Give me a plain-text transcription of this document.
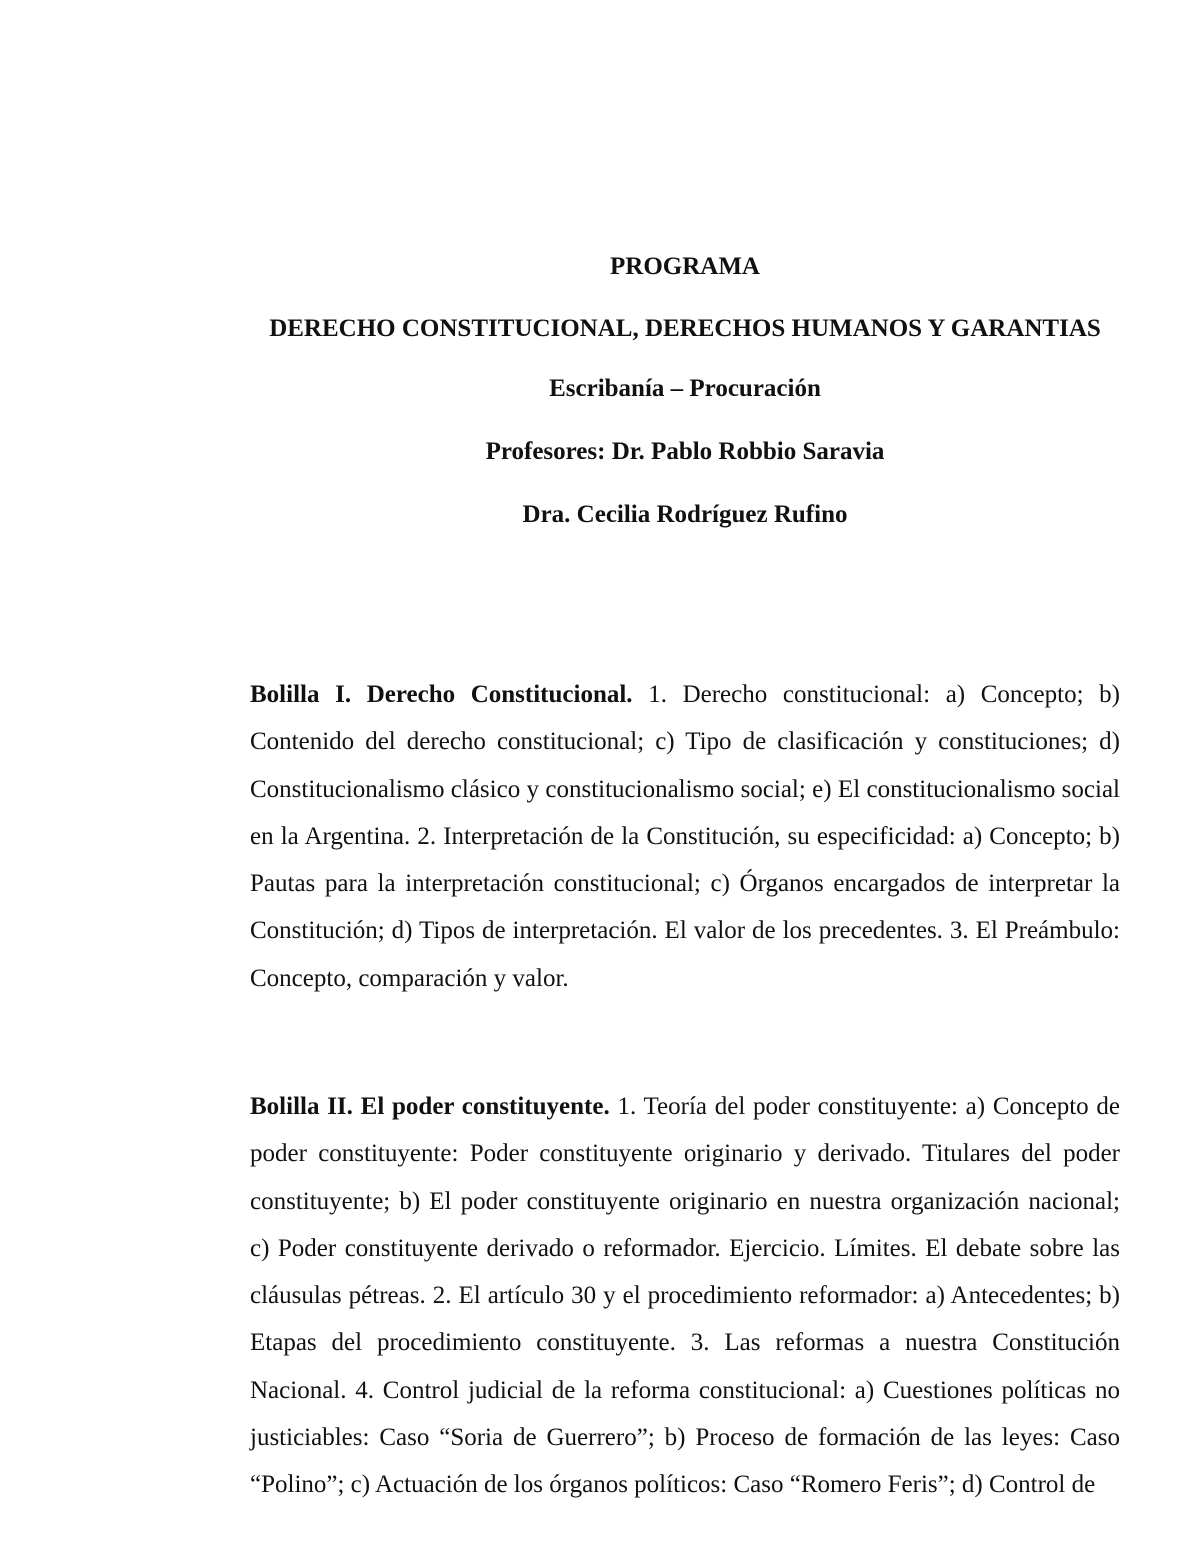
PROGRAMA
DERECHO CONSTITUCIONAL, DERECHOS HUMANOS Y GARANTIAS
Escribanía – Procuración
Profesores: Dr. Pablo Robbio Saravia
Dra. Cecilia Rodríguez Rufino

Bolilla I. Derecho Constitucional. 1. Derecho constitucional: a) Concepto; b) Contenido del derecho constitucional; c) Tipo de clasificación y constituciones; d) Constitucionalismo clásico y constitucionalismo social; e) El constitucionalismo social en la Argentina. 2. Interpretación de la Constitución, su especificidad: a) Concepto; b) Pautas para la interpretación constitucional; c) Órganos encargados de interpretar la Constitución; d) Tipos de interpretación. El valor de los precedentes. 3. El Preámbulo: Concepto, comparación y valor.

Bolilla II. El poder constituyente. 1. Teoría del poder constituyente: a) Concepto de poder constituyente: Poder constituyente originario y derivado. Titulares del poder constituyente; b) El poder constituyente originario en nuestra organización nacional; c) Poder constituyente derivado o reformador. Ejercicio. Límites. El debate sobre las cláusulas pétreas. 2. El artículo 30 y el procedimiento reformador: a) Antecedentes; b) Etapas del procedimiento constituyente. 3. Las reformas a nuestra Constitución Nacional. 4. Control judicial de la reforma constitucional: a) Cuestiones políticas no justiciables: Caso “Soria de Guerrero”; b) Proceso de formación de las leyes: Caso “Polino”; c) Actuación de los órganos políticos: Caso “Romero Feris”; d) Control de
